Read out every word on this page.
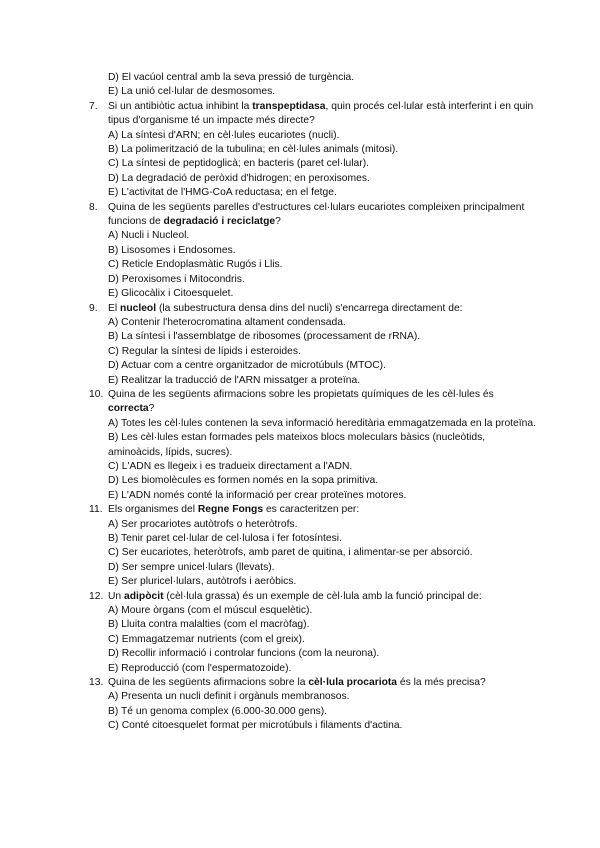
D) El vacúol central amb la seva pressió de turgència.
E) La unió cel·lular de desmosomes.
7. Si un antibiòtic actua inhibint la transpeptidasa, quin procés cel·lular està interferint i en quin tipus d'organisme té un impacte més directe?
A) La síntesi d'ARN; en cèl·lules eucariotes (nucli).
B) La polimerització de la tubulina; en cèl·lules animals (mitosi).
C) La síntesi de peptidoglicà; en bacteris (paret cel·lular).
D) La degradació de peròxid d'hidrogen; en peroxisomes.
E) L'activitat de l'HMG-CoA reductasa; en el fetge.
8. Quina de les següents parelles d'estructures cel·lulars eucariotes compleixen principalment funcions de degradació i reciclatge?
A) Nucli i Nucleol.
B) Lisosomes i Endosomes.
C) Reticle Endoplasmàtic Rugós i Llis.
D) Peroxisomes i Mitocondris.
E) Glicocàlix i Citoesquelet.
9. El nucleol (la subestructura densa dins del nucli) s'encarrega directament de:
A) Contenir l'heterocromatina altament condensada.
B) La síntesi i l'assemblatge de ribosomes (processament de rRNA).
C) Regular la síntesi de lípids i esteroides.
D) Actuar com a centre organitzador de microtúbuls (MTOC).
E) Realitzar la traducció de l'ARN missatger a proteïna.
10. Quina de les següents afirmacions sobre les propietats químiques de les cèl·lules és correcta?
A) Totes les cèl·lules contenen la seva informació hereditària emmagatzemada en la proteïna.
B) Les cèl·lules estan formades pels mateixos blocs moleculars bàsics (nucleòtids, aminoàcids, lípids, sucres).
C) L'ADN es llegeix i es tradueix directament a l'ADN.
D) Les biomolècules es formen només en la sopa primitiva.
E) L'ADN només conté la informació per crear proteïnes motores.
11. Els organismes del Regne Fongs es caracteritzen per:
A) Ser procariotes autòtrofs o heteròtrofs.
B) Tenir paret cel·lular de cel·lulosa i fer fotosíntesi.
C) Ser eucariotes, heteròtrofs, amb paret de quitina, i alimentar-se per absorció.
D) Ser sempre unicel·lulars (llevats).
E) Ser pluricel·lulars, autòtrofs i aeròbics.
12. Un adipòcit (cèl·lula grassa) és un exemple de cèl·lula amb la funció principal de:
A) Moure òrgans (com el múscul esquelètic).
B) Lluita contra malalties (com el macròfag).
C) Emmagatzemar nutrients (com el greix).
D) Recollir informació i controlar funcions (com la neurona).
E) Reproducció (com l'espermatozoide).
13. Quina de les següents afirmacions sobre la cèl·lula procariota és la més precisa?
A) Presenta un nucli definit i orgànuls membranosos.
B) Té un genoma complex (6.000-30.000 gens).
C) Conté citoesquelet format per microtúbuls i filaments d'actina.
